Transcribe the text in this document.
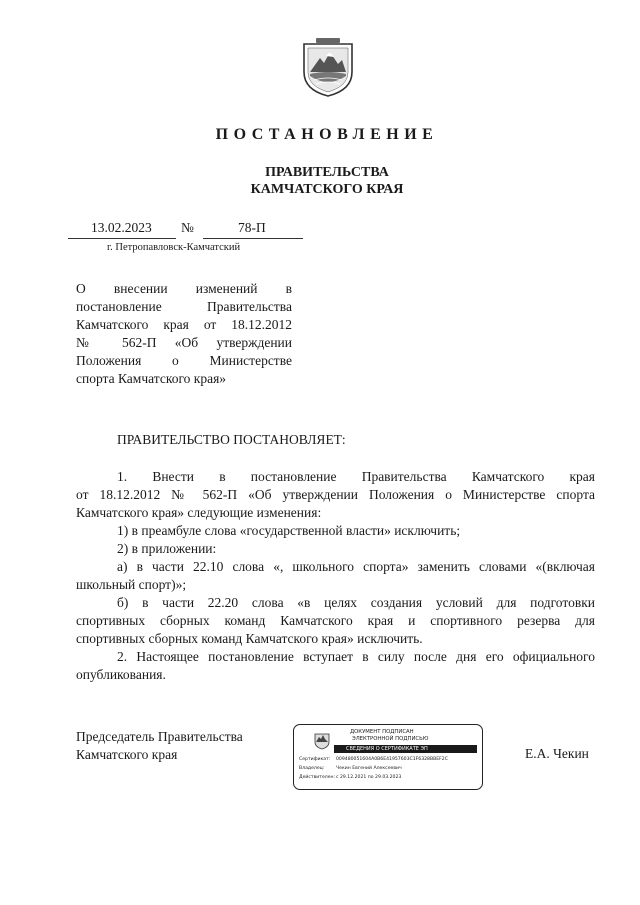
ПОСТАНОВЛЕНИЕ
ПРАВИТЕЛЬСТВА
КАМЧАТСКОГО КРАЯ
13.02.2023 №	78-П
г. Петропавловск-Камчатский
О внесении изменений в
постановление Правительства
Камчатского края от 18.12.2012
№ 562-П «Об утверждении
Положения о Министерстве
спорта Камчатского края»
ПРАВИТЕЛЬСТВО ПОСТАНОВЛЯЕТ:
1. Внести в постановление Правительства Камчатского края
от 18.12.2012 № 562-П «Об утверждении Положения о Министерстве спорта
Камчатского края» следующие изменения:
1) в преамбуле слова «государственной власти» исключить;
2) в приложении:
а) в части 22.10 слова «, школьного спорта» заменить словами «(включая
школьный спорт)»;
б) в части 22.20 слова «в целях создания условий для подготовки
спортивных сборных команд Камчатского края и спортивного резерва для
спортивных сборных команд Камчатского края» исключить.
2. Настоящее постановление вступает в силу после дня его официального
опубликования.
Председатель Правительства
Камчатского края
ДОКУМЕНТ ПОДПИСАН
ЭЛЕКТРОННОЙ ПОДПИСЬЮ
СВЕДЕНИЯ О СЕРТИФИКАТЕ ЭП
Сертификат: 009480051604A0B6E41957603C1F6328BBEF2C
Владелец:	Чекин Евгений Алексеевич
Действителен:с 29.12.2021 по 29.03.2023
Е.А. Чекин
